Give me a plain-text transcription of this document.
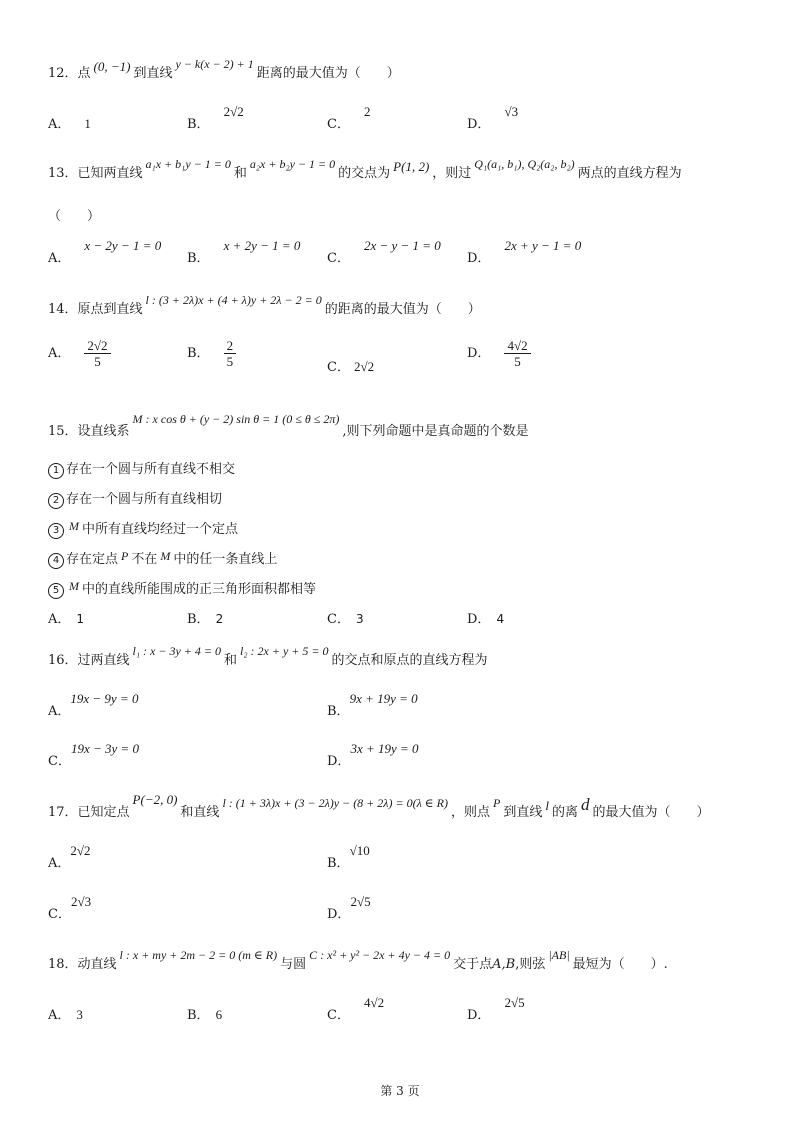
12．点 (0, −1) 到直线y − k(x − 2) + 1距离的最大值为（　　）
A． 1	B．2√2
C．2
D．√3
13．已知两直线a₁x + b₁y − 1 = 0和a₂x + b₂y − 1 = 0的交点为 P(1, 2) ，则过Q₁(a₁, b₁), Q₂(a₂, b₂)两点的直线方程为
（　　）
A．x − 2y − 1 = 0
B．x + 2y − 1 = 0
C．2x − y − 1 = 0
D．2x + y − 1 = 0
14．原点到直线l : (3 + 2λ)x + (4 + λ)y + 2λ − 2 = 0的距离的最大值为（　　）
A． $\frac{2√2}{5}$	B． $\frac{2}{5}$	C． 2√2
D． $\frac{4√2}{5}$
15．设直线系M : x cos θ + (y − 2) sin θ = 1 (0 ≤ θ ≤ 2π),则下列命题中是真命题的个数是
1 存在一个圆与所有直线不相交
2 存在一个圆与所有直线相切
3 M 中所有直线均经过一个定点
4 存在定点 P 不在 M 中的任一条直线上
5 M 中的直线所能围成的正三角形面积都相等
A． 1	B． 2	C． 3	D． 4
16．过两直线l₁ : x − 3y + 4 = 0和l₂ : 2x + y + 5 = 0的交点和原点的直线方程为
A．19x − 9y = 0
B．9x + 19y = 0
C．19x − 3y = 0
D．3x + 19y = 0
17．已知定点P(−2, 0)和直线l : (1 + 3λ)x + (3 − 2λ)y − (8 + 2λ) = 0(λ ∈ R)，则点P到直线 l 的离 d 的最大值为（　　）
A．2√2
B．√10
C．2√3
D．2√5
18．动直线l : x + my + 2m − 2 = 0 (m ∈ R)与圆C : x² + y² − 2x + 4y − 4 = 0交于点A,B,则弦|AB|最短为（　　）.
A． 3	B． 6	C．4√2
D．2√5
第 3 页
